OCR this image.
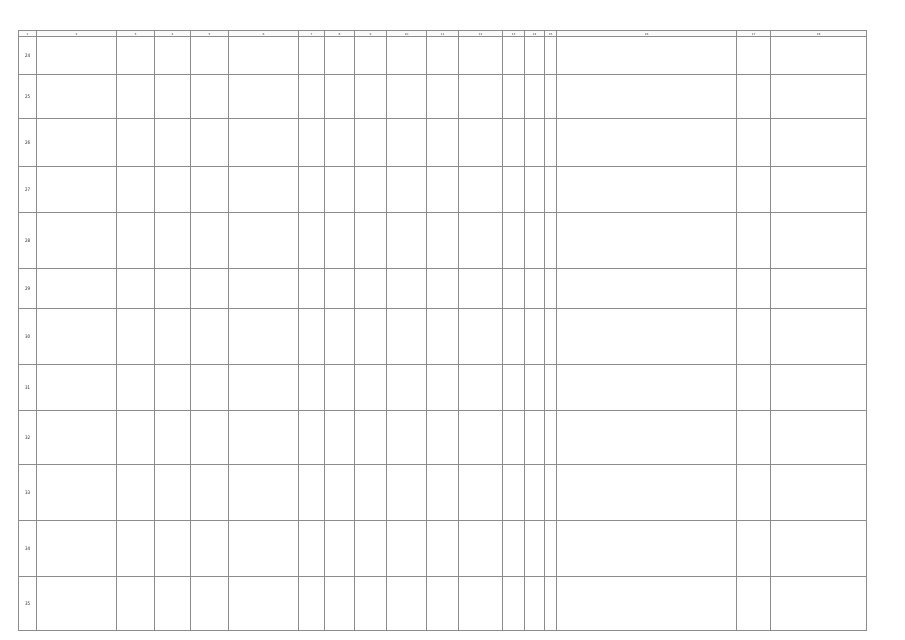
1	2	3	4	5	6	7	8	9	10	11	12	13	14	15	16	17	18
24																	
25																	
26																	
27																	
28																	
29																	
30																	
31																	
32																	
33																	
34																	
35																	
